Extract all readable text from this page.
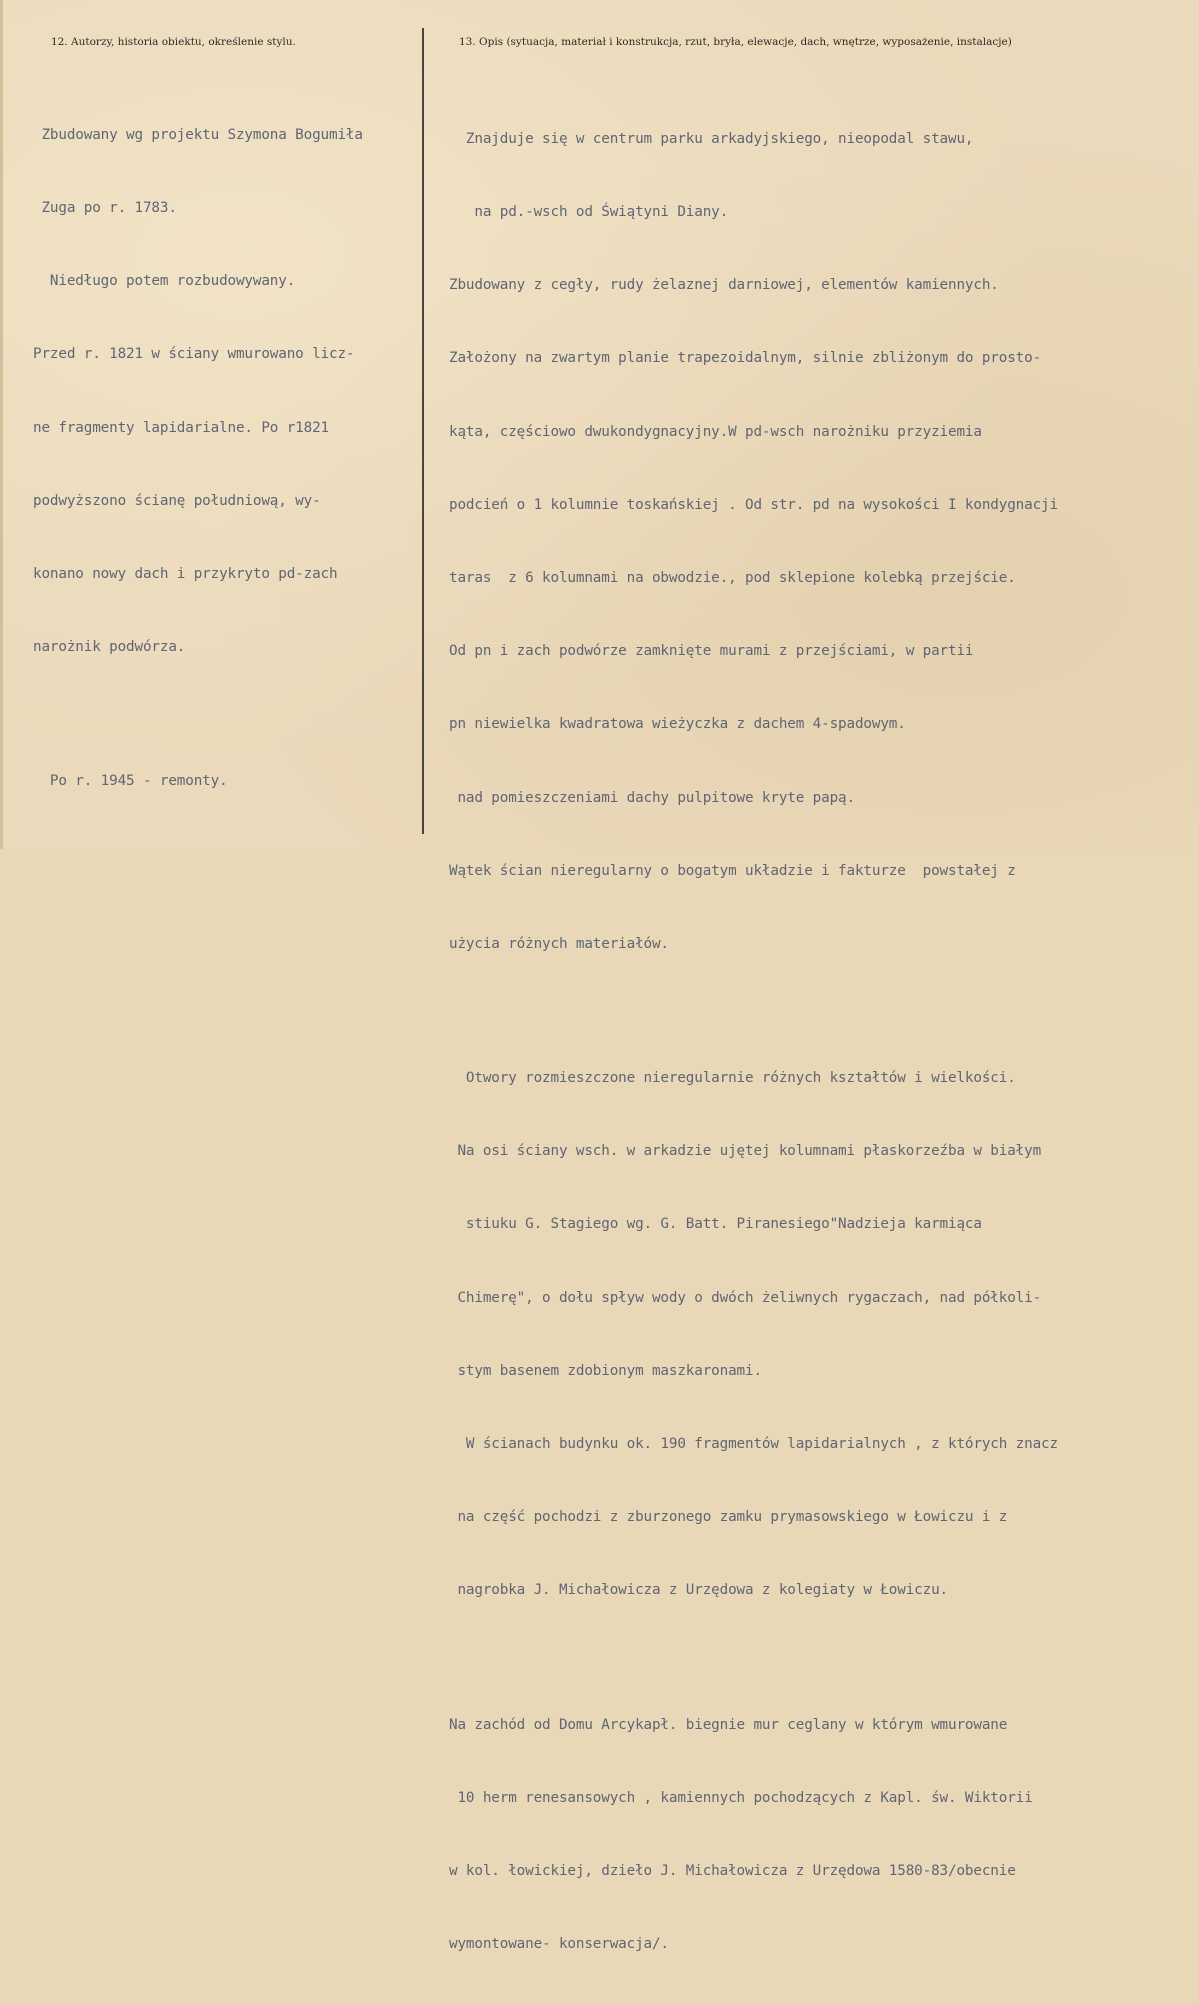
12. Autorzy, historia obiektu, określenie stylu.	13. Opis (sytuacja, materiał i konstrukcja, rzut, bryła, elewacje, dach, wnętrze, wyposażenie, instalacje)

Zbudowany wg projektu Szymona Bogumiła

Zuga po r. 1783.

Niedługo potem rozbudowywany.

Przed r. 1821 w ściany wmurowano licz-

ne fragmenty lapidarialne. Po r1821

podwyższono ścianę południową, wy-

konano nowy dach i przykryto pd-zach

narożnik podwórza.

Po r. 1945 - remonty.

Znajduje się w centrum parku arkadyjskiego, nieopodal stawu,

na pd.-wsch od Świątyni Diany.

Zbudowany z cegły, rudy żelaznej darniowej, elementów kamiennych.

Założony na zwartym planie trapezoidalnym, silnie zbliżonym do prosto-

kąta, częściowo dwukondygnacyjny.W pd-wsch narożniku przyziemia

podcień o 1 kolumnie toskańskiej . Od str. pd na wysokości I kondygnacji

taras  z 6 kolumnami na obwodzie., pod sklepione kolebką przejście.

Od pn i zach podwórze zamknięte murami z przejściami, w partii

pn niewielka kwadratowa wieżyczka z dachem 4-spadowym.

nad pomieszczeniami dachy pulpitowe kryte papą.

Wątek ścian nieregularny o bogatym układzie i fakturze  powstałej z

użycia różnych materiałów.

Otwory rozmieszczone nieregularnie różnych kształtów i wielkości.

Na osi ściany wsch. w arkadzie ujętej kolumnami płaskorzeźba w białym

stiuku G. Stagiego wg. G. Batt. Piranesiego"Nadzieja karmiąca

Chimerę", o dołu spływ wody o dwóch żeliwnych rygaczach, nad półkoli-

stym basenem zdobionym maszkaronami.

W ścianach budynku ok. 190 fragmentów lapidarialnych , z których znacz

na część pochodzi z zburzonego zamku prymasowskiego w Łowiczu i z

nagrobka J. Michałowicza z Urzędowa z kolegiaty w Łowiczu.

Na zachód od Domu Arcykapł. biegnie mur ceglany w którym wmurowane

10 herm renesansowych , kamiennych pochodzących z Kapl. św. Wiktorii

w kol. łowickiej, dzieło J. Michałowicza z Urzędowa 1580-83/obecnie

wymontowane- konserwacja/.
